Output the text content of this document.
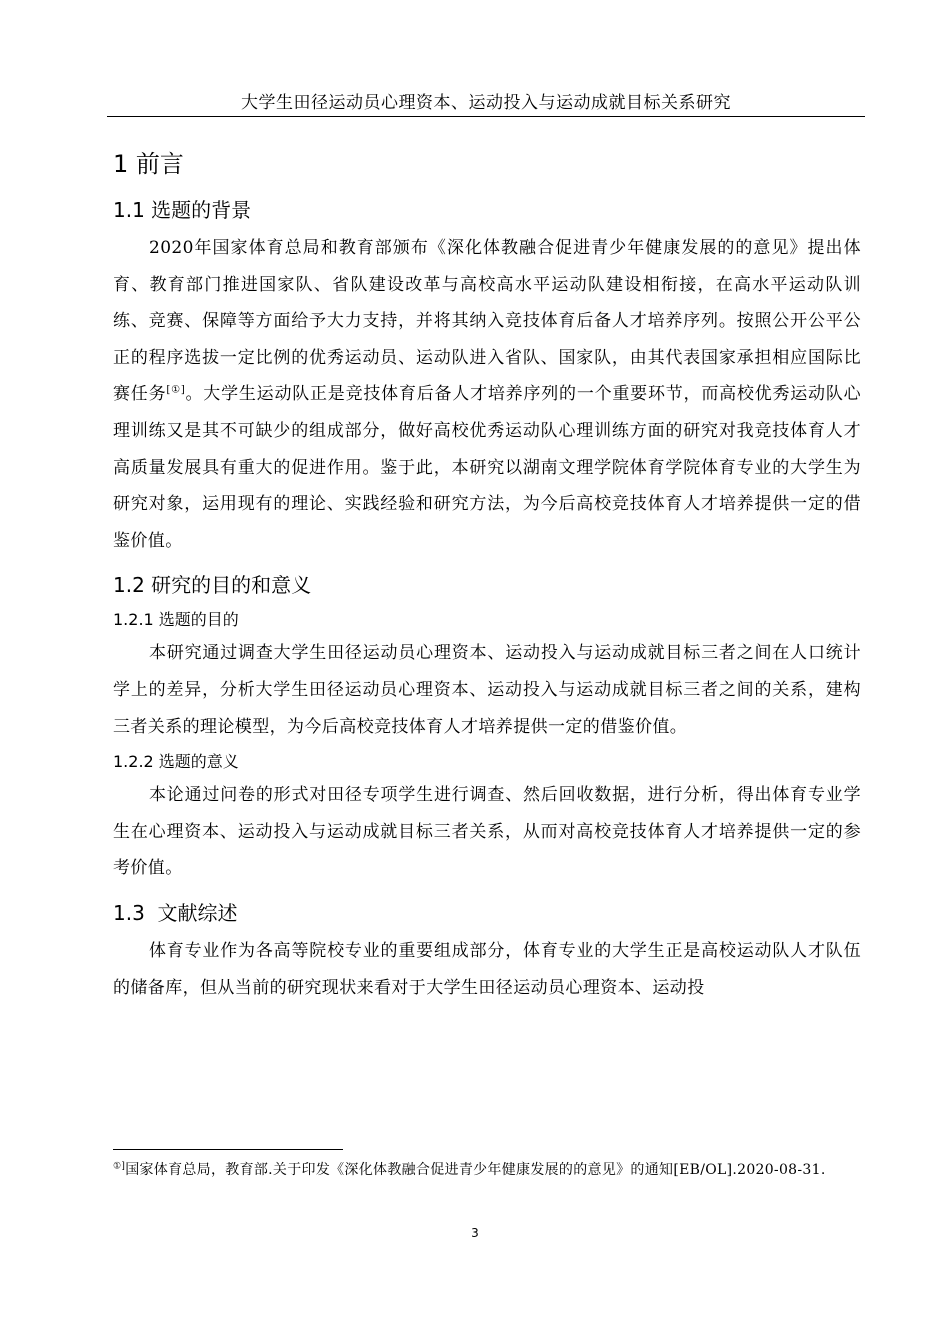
大学生田径运动员心理资本、运动投入与运动成就目标关系研究
1 前言
1.1 选题的背景

2020年国家体育总局和教育部颁布《深化体教融合促进青少年健康发展的的意见》提出体育、教育部门推进国家队、省队建设改革与高校高水平运动队建设相衔接，在高水平运动队训练、竞赛、保障等方面给予大力支持，并将其纳入竞技体育后备人才培养序列。按照公开公平公正的程序选拔一定比例的优秀运动员、运动队进入省队、国家队，由其代表国家承担相应国际比赛任务[①]。大学生运动队正是竞技体育后备人才培养序列的一个重要环节，而高校优秀运动队心理训练又是其不可缺少的组成部分，做好高校优秀运动队心理训练方面的研究对我竞技体育人才高质量发展具有重大的促进作用。鉴于此，本研究以湖南文理学院体育学院体育专业的大学生为研究对象，运用现有的理论、实践经验和研究方法，为今后高校竞技体育人才培养提供一定的借鉴价值。

1.2 研究的目的和意义
1.2.1 选题的目的

本研究通过调查大学生田径运动员心理资本、运动投入与运动成就目标三者之间在人口统计学上的差异，分析大学生田径运动员心理资本、运动投入与运动成就目标三者之间的关系，建构三者关系的理论模型，为今后高校竞技体育人才培养提供一定的借鉴价值。

1.2.2 选题的意义

本论通过问卷的形式对田径专项学生进行调查、然后回收数据，进行分析，得出体育专业学生在心理资本、运动投入与运动成就目标三者关系，从而对高校竞技体育人才培养提供一定的参考价值。

1.3  文献综述

体育专业作为各高等院校专业的重要组成部分，体育专业的大学生正是高校运动队人才队伍的储备库，但从当前的研究现状来看对于大学生田径运动员心理资本、运动投

①]国家体育总局，教育部.关于印发《深化体教融合促进青少年健康发展的的意见》的通知[EB/OL].2020-08-31.
3
